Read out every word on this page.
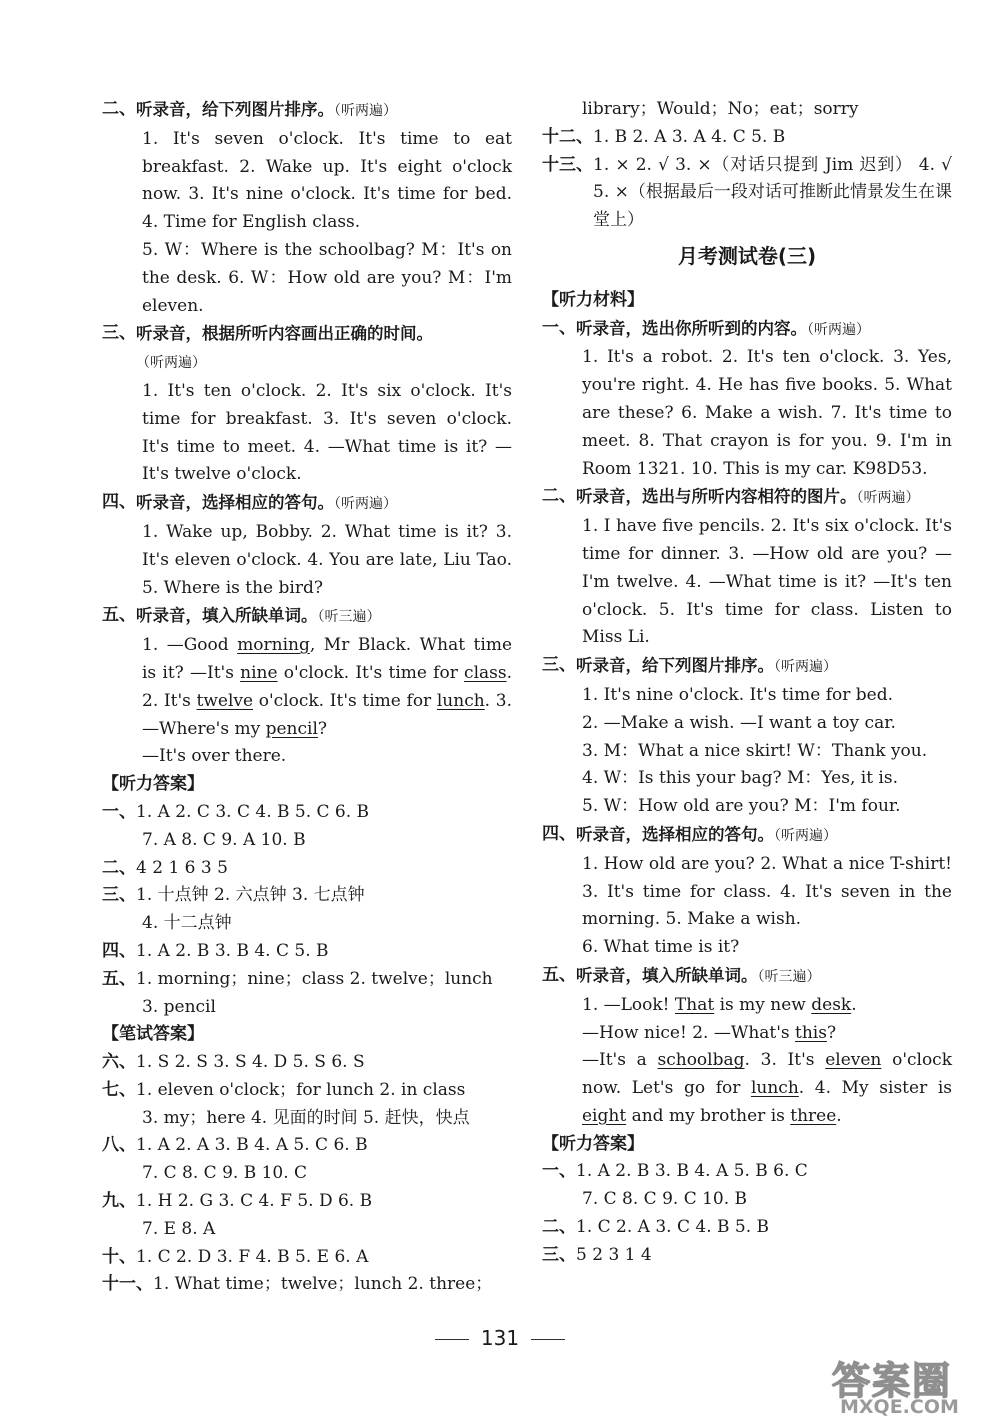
二、 听录音，给下列图片排序。（听两遍）
1. It's seven o'clock. It's time to eat breakfast. 2. Wake up. It's eight o'clock now. 3. It's nine o'clock. It's time for bed. 4. Time for English class.
5. W：Where is the schoolbag? M：It's on the desk. 6. W：How old are you? M：I'm eleven.
三、 听录音，根据所听内容画出正确的时间。
（听两遍）
1. It's ten o'clock. 2. It's six o'clock. It's time for breakfast. 3. It's seven o'clock. It's time to meet. 4. —What time is it? —It's twelve o'clock.
四、 听录音，选择相应的答句。（听两遍）
1. Wake up, Bobby. 2. What time is it? 3. It's eleven o'clock. 4. You are late, Liu Tao. 5. Where is the bird?
五、 听录音，填入所缺单词。（听三遍）
1. —Good morning, Mr Black. What time is it? —It's nine o'clock. It's time for class. 2. It's twelve o'clock. It's time for lunch. 3. —Where's my pencil?
—It's over there.
【听力答案】
一、 1. A 2. C 3. C 4. B 5. C 6. B
7. A 8. C 9. A 10. B
二、 4 2 1 6 3 5
三、 1. 十点钟 2. 六点钟 3. 七点钟
4. 十二点钟
四、 1. A 2. B 3. B 4. C 5. B
五、 1. morning；nine；class 2. twelve；lunch
3. pencil
【笔试答案】
六、 1. S 2. S 3. S 4. D 5. S 6. S
七、 1. eleven o'clock；for lunch 2. in class
3. my；here 4. 见面的时间 5. 赶快，快点
八、 1. A 2. A 3. B 4. A 5. C 6. B
7. C 8. C 9. B 10. C
九、 1. H 2. G 3. C 4. F 5. D 6. B
7. E 8. A
十、 1. C 2. D 3. F 4. B 5. E 6. A
十一、 1. What time；twelve；lunch 2. three；
library；Would；No；eat；sorry
十二、 1. B 2. A 3. A 4. C 5. B
十三、 1. × 2. √ 3. ×（对话只提到 Jim 迟到） 4. √ 5. ×（根据最后一段对话可推断此情景发生在课堂上）
月考测试卷(三)
【听力材料】
一、 听录音，选出你所听到的内容。（听两遍）
1. It's a robot. 2. It's ten o'clock. 3. Yes, you're right. 4. He has five books. 5. What are these? 6. Make a wish. 7. It's time to meet. 8. That crayon is for you. 9. I'm in Room 1321. 10. This is my car. K98D53.
二、 听录音，选出与所听内容相符的图片。（听两遍）
1. I have five pencils. 2. It's six o'clock. It's time for dinner. 3. —How old are you? —I'm twelve. 4. —What time is it? —It's ten o'clock. 5. It's time for class. Listen to Miss Li.
三、 听录音，给下列图片排序。（听两遍）
1. It's nine o'clock. It's time for bed.
2. —Make a wish. —I want a toy car.
3. M：What a nice skirt! W：Thank you.
4. W：Is this your bag? M：Yes, it is.
5. W：How old are you? M：I'm four.
四、 听录音，选择相应的答句。（听两遍）
1. How old are you? 2. What a nice T-shirt! 3. It's time for class. 4. It's seven in the morning. 5. Make a wish.
6. What time is it?
五、 听录音，填入所缺单词。（听三遍）
1. —Look! That is my new desk.
—How nice! 2. —What's this?
—It's a schoolbag. 3. It's eleven o'clock now. Let's go for lunch. 4. My sister is eight and my brother is three.
【听力答案】
一、 1. A 2. B 3. B 4. A 5. B 6. C
7. C 8. C 9. C 10. B
二、 1. C 2. A 3. C 4. B 5. B
三、 5 2 3 1 4
131
答案圈
MXQE.COM
